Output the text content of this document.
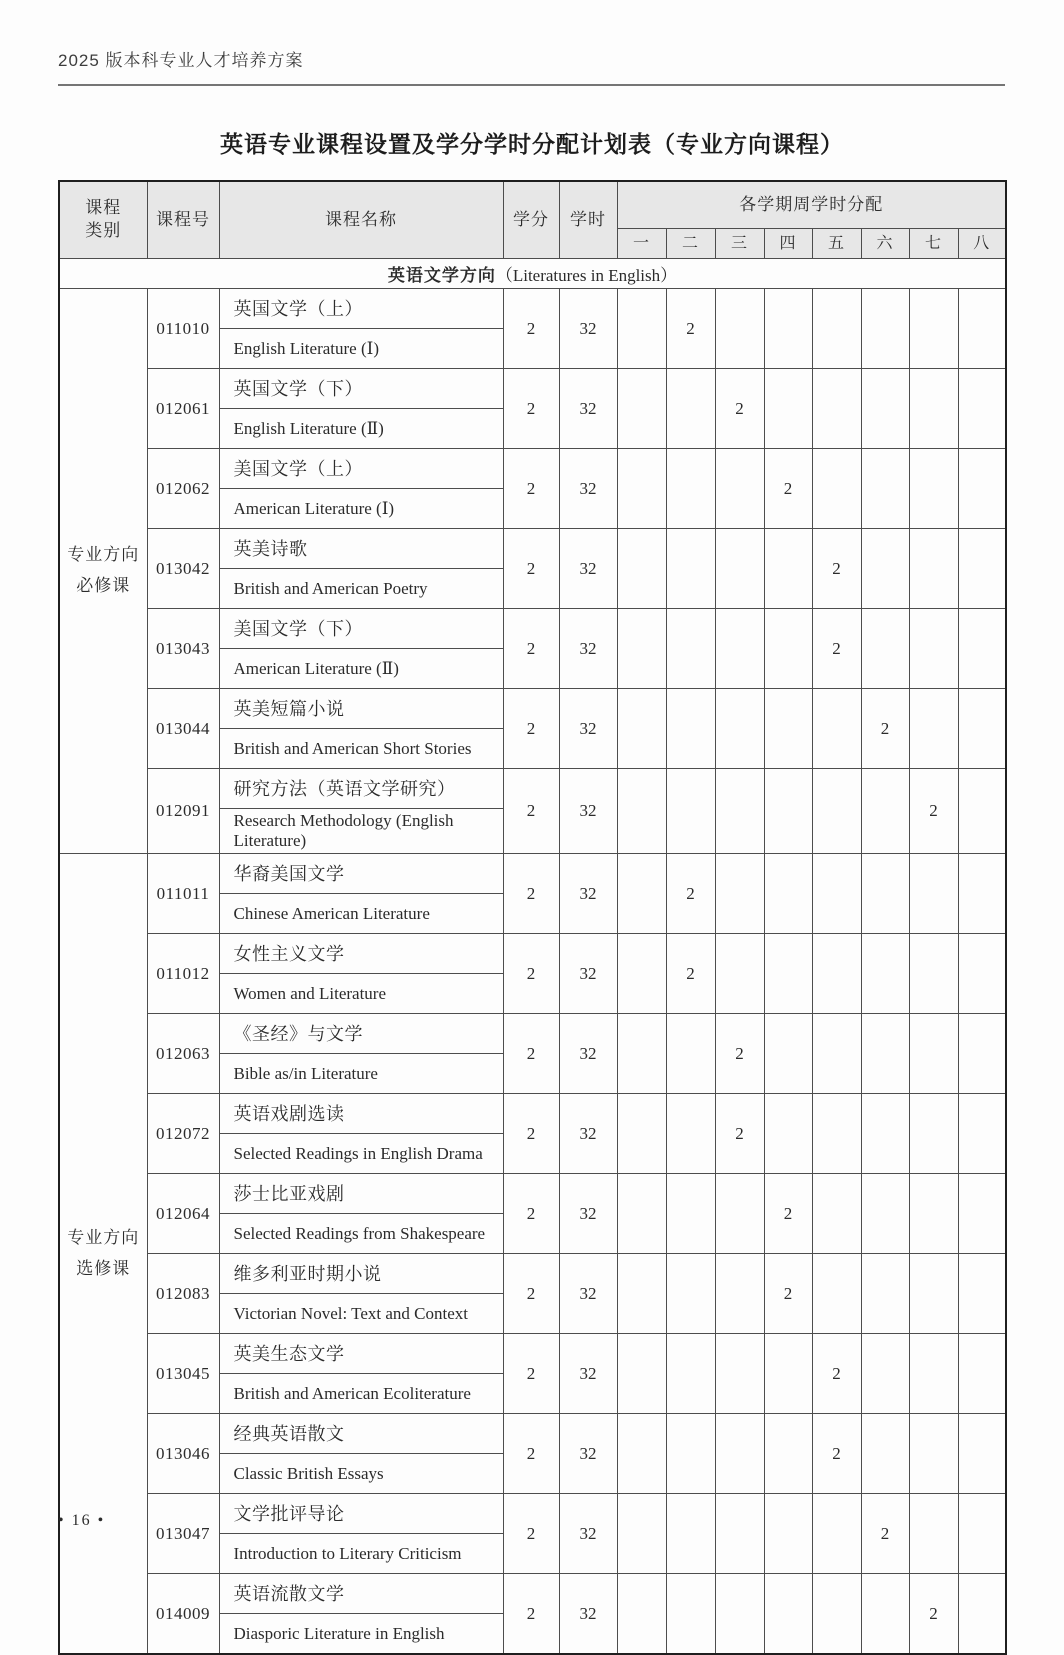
2025 版本科专业人才培养方案
英语专业课程设置及学分学时分配计划表（专业方向课程）
课程
类别	课程号	课程名称	学分	学时	各学期周学时分配							
					一	二	三	四	五	六	七	八
英语文学方向（Literatures in English）												

专业方向
必修课	011010	英国文学（上）	2	32		2						
		English Literature (Ⅰ)										
	012061	英国文学（下）	2	32			2					
		English Literature (Ⅱ)										
	012062	美国文学（上）	2	32				2				
		American Literature (Ⅰ)										
	013042	英美诗歌	2	32					2			
		British and American Poetry										
	013043	美国文学（下）	2	32					2			
		American Literature (Ⅱ)										
	013044	英美短篇小说	2	32						2		
		British and American Short Stories										
	012091	研究方法（英语文学研究）	2	32							2	
		Research Methodology (English Literature)										

专业方向
选修课	011011	华裔美国文学	2	32		2						
		Chinese American Literature										
	011012	女性主义文学	2	32		2						
		Women and Literature										
	012063	《圣经》与文学	2	32			2					
		Bible as/in Literature										
	012072	英语戏剧选读	2	32			2					
		Selected Readings in English Drama										
	012064	莎士比亚戏剧	2	32				2				
		Selected Readings from Shakespeare										
	012083	维多利亚时期小说	2	32				2				
		Victorian Novel: Text and Context										
	013045	英美生态文学	2	32					2			
		British and American Ecoliterature										
	013046	经典英语散文	2	32					2			
		Classic British Essays										
	013047	文学批评导论	2	32						2		
		Introduction to Literary Criticism										
	014009	英语流散文学	2	32							2	
		Diasporic Literature in English										
• 16 •
